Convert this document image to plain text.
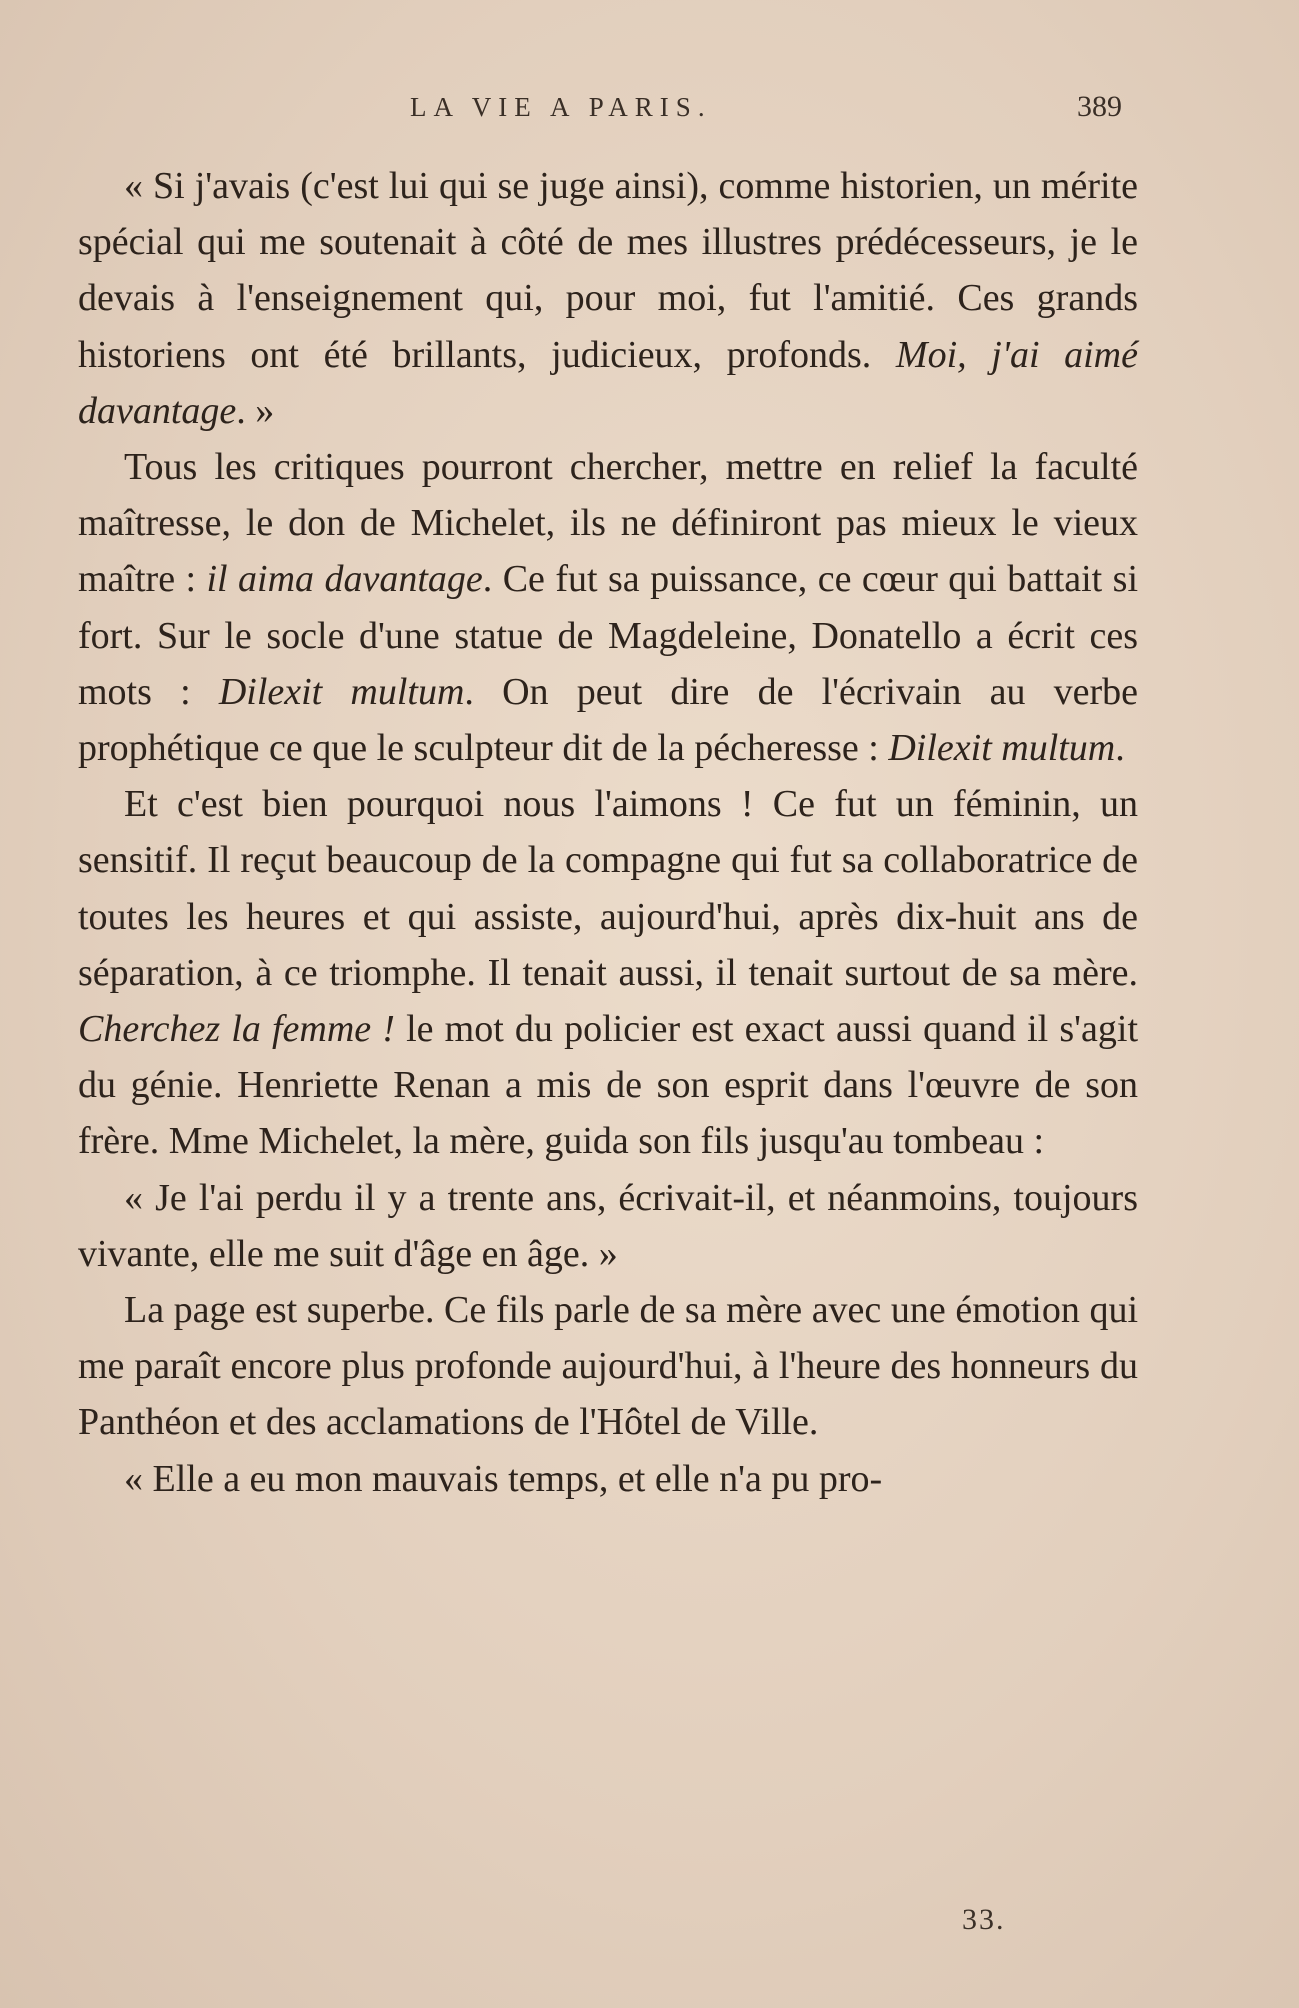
LA VIE A PARIS.	389

« Si j'avais (c'est lui qui se juge ainsi), comme historien, un mérite spécial qui me soutenait à côté de mes illustres prédécesseurs, je le devais à l'enseignement qui, pour moi, fut l'amitié. Ces grands historiens ont été brillants, judicieux, profonds. Moi, j'ai aimé davantage. »

Tous les critiques pourront chercher, mettre en relief la faculté maîtresse, le don de Michelet, ils ne définiront pas mieux le vieux maître : il aima davantage. Ce fut sa puissance, ce cœur qui battait si fort. Sur le socle d'une statue de Magdeleine, Donatello a écrit ces mots : Dilexit multum. On peut dire de l'écrivain au verbe prophétique ce que le sculpteur dit de la pécheresse : Dilexit multum.

Et c'est bien pourquoi nous l'aimons ! Ce fut un féminin, un sensitif. Il reçut beaucoup de la compagne qui fut sa collaboratrice de toutes les heures et qui assiste, aujourd'hui, après dix-huit ans de séparation, à ce triomphe. Il tenait aussi, il tenait surtout de sa mère. Cherchez la femme ! le mot du policier est exact aussi quand il s'agit du génie. Henriette Renan a mis de son esprit dans l'œuvre de son frère. Mme Michelet, la mère, guida son fils jusqu'au tombeau :

« Je l'ai perdu il y a trente ans, écrivait-il, et néanmoins, toujours vivante, elle me suit d'âge en âge. »

La page est superbe. Ce fils parle de sa mère avec une émotion qui me paraît encore plus profonde aujourd'hui, à l'heure des honneurs du Panthéon et des acclamations de l'Hôtel de Ville.

« Elle a eu mon mauvais temps, et elle n'a pu pro-

33.
